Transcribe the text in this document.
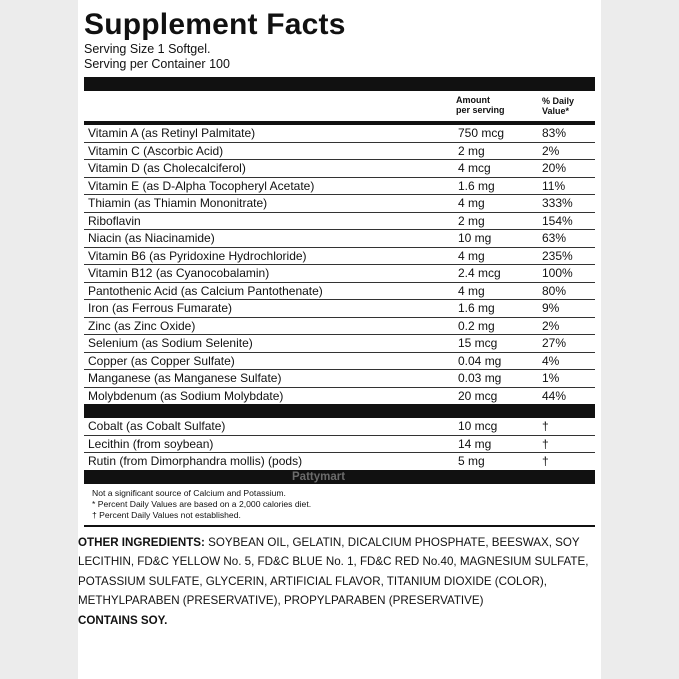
Supplement Facts
Serving Size 1 Softgel.
Serving per Container 100
Amount
per serving
% Daily
Value*
Vitamin A (as Retinyl Palmitate)	750 mcg	83%
Vitamin C (Ascorbic Acid)	2 mg	2%
Vitamin D (as Cholecalciferol)	4 mcg	20%
Vitamin E (as D-Alpha Tocopheryl Acetate)	1.6 mg	11%
Thiamin (as Thiamin Mononitrate)	4 mg	333%
Riboflavin	2 mg	154%
Niacin (as Niacinamide)	10 mg	63%
Vitamin B6 (as Pyridoxine Hydrochloride)	4 mg	235%
Vitamin B12 (as Cyanocobalamin)	2.4 mcg	100%
Pantothenic Acid (as Calcium Pantothenate)	4 mg	80%
Iron (as Ferrous Fumarate)	1.6 mg	9%
Zinc (as Zinc Oxide)	0.2 mg	2%
Selenium (as Sodium Selenite)	15 mcg	27%
Copper (as Copper Sulfate)	0.04 mg	4%
Manganese (as Manganese Sulfate)	0.03 mg	1%
Molybdenum (as Sodium Molybdate)	20 mcg	44%
Cobalt (as Cobalt Sulfate)	10 mcg	†
Lecithin (from soybean)	14 mg	†
Rutin (from Dimorphandra mollis) (pods)	5 mg	†
Pattymart
Not a significant source of Calcium and Potassium.
* Percent Daily Values are based on a 2,000 calories diet.
† Percent Daily Values not established.
OTHER INGREDIENTS: SOYBEAN OIL, GELATIN, DICALCIUM PHOSPHATE, BEESWAX, SOY LECITHIN, FD&C YELLOW No. 5, FD&C BLUE No. 1, FD&C RED No.40, MAGNESIUM SULFATE, POTASSIUM SULFATE, GLYCERIN, ARTIFICIAL FLAVOR, TITANIUM DIOXIDE (COLOR), METHYLPARABEN (PRESERVATIVE), PROPYLPARABEN (PRESERVATIVE)
CONTAINS SOY.
